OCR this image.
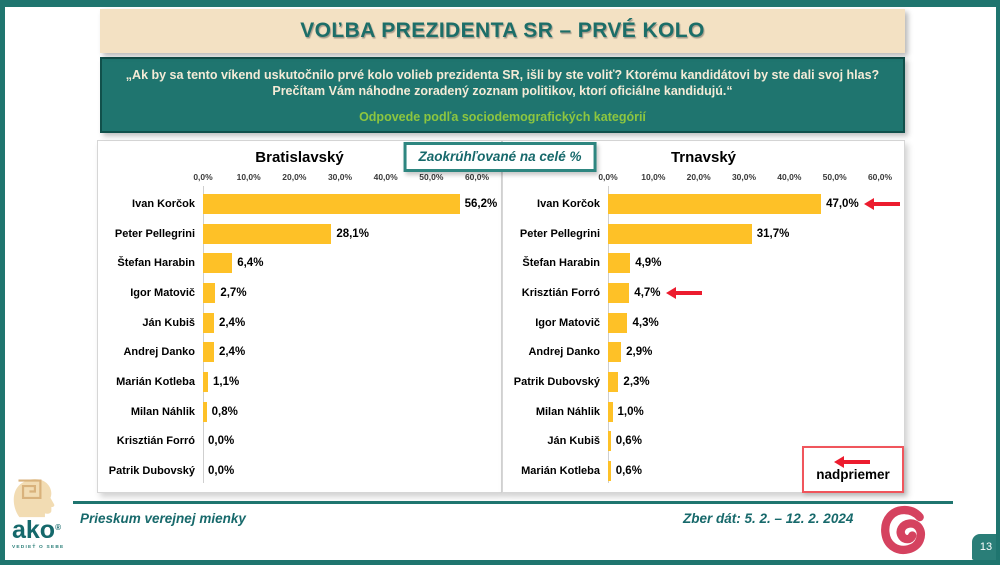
VOĽBA PREZIDENTA SR – PRVÉ KOLO

„Ak by sa tento víkend uskutočnilo prvé kolo volieb prezidenta SR, išli by ste voliť? Ktorému kandidátovi by ste dali svoj hlas?

Prečítam Vám náhodne zoradený zoznam politikov, ktorí oficiálne kandidujú.“

Odpovede podľa sociodemografických kategórií

Bratislavský
0,0%	10,0%	20,0%	30,0%	40,0%	50,0%	60,0%
Ivan Korčok	56,2%
Peter Pellegrini	28,1%
Štefan Harabin	6,4%
Igor Matovič	2,7%
Ján Kubiš	2,4%
Andrej Danko	2,4%
Marián Kotleba	1,1%
Milan Náhlik	0,8%
Krisztián Forró	0,0%
Patrik Dubovský	0,0%
Trnavský
0,0%	10,0% 20,0% 30,0% 40,0% 50,0% 60,0%
Ivan Korčok	47,0%
Peter Pellegrini	31,7%
Štefan Harabin	4,9%
Krisztián Forró	4,7%
Igor Matovič	4,3%
Andrej Danko	2,9%
Patrik Dubovský	2,3%
Milan Náhlik	1,0%
Ján Kubiš	0,6%
Marián Kotleba	0,6%	nadpriemer
Zaokrúhľované na celé %
ako®
VEDIEŤ O SEBE
Prieskum verejnej mienky	Zber dát: 5. 2. – 12. 2. 2024
13
